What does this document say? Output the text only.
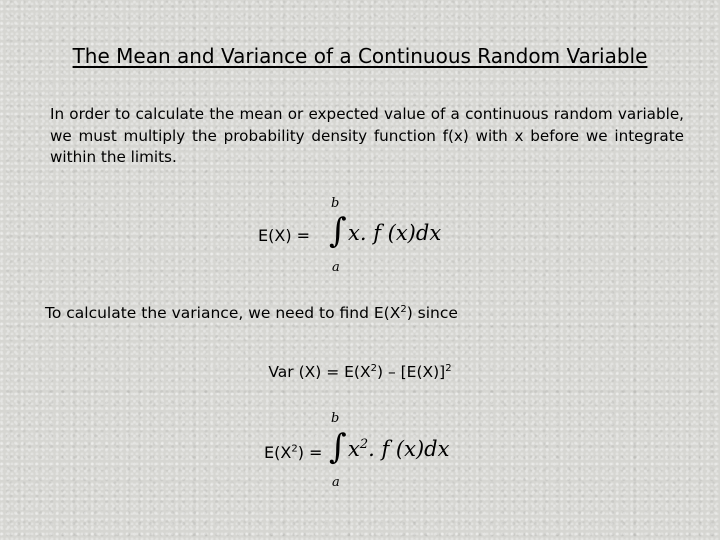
The Mean and Variance of a Continuous Random Variable
In order to calculate the mean or expected value of a continuous random variable, we must multiply the probability density function f(x) with x before we integrate within the limits.
E(X) =
b
∫
a
x. f (x)dx
To calculate the variance, we need to find $E(X^2)$ since
Var $(X) = E(X^2) - [E(X)]^2$
$E(X^2)$ =
b
∫
a
$x^2$. f (x)dx
